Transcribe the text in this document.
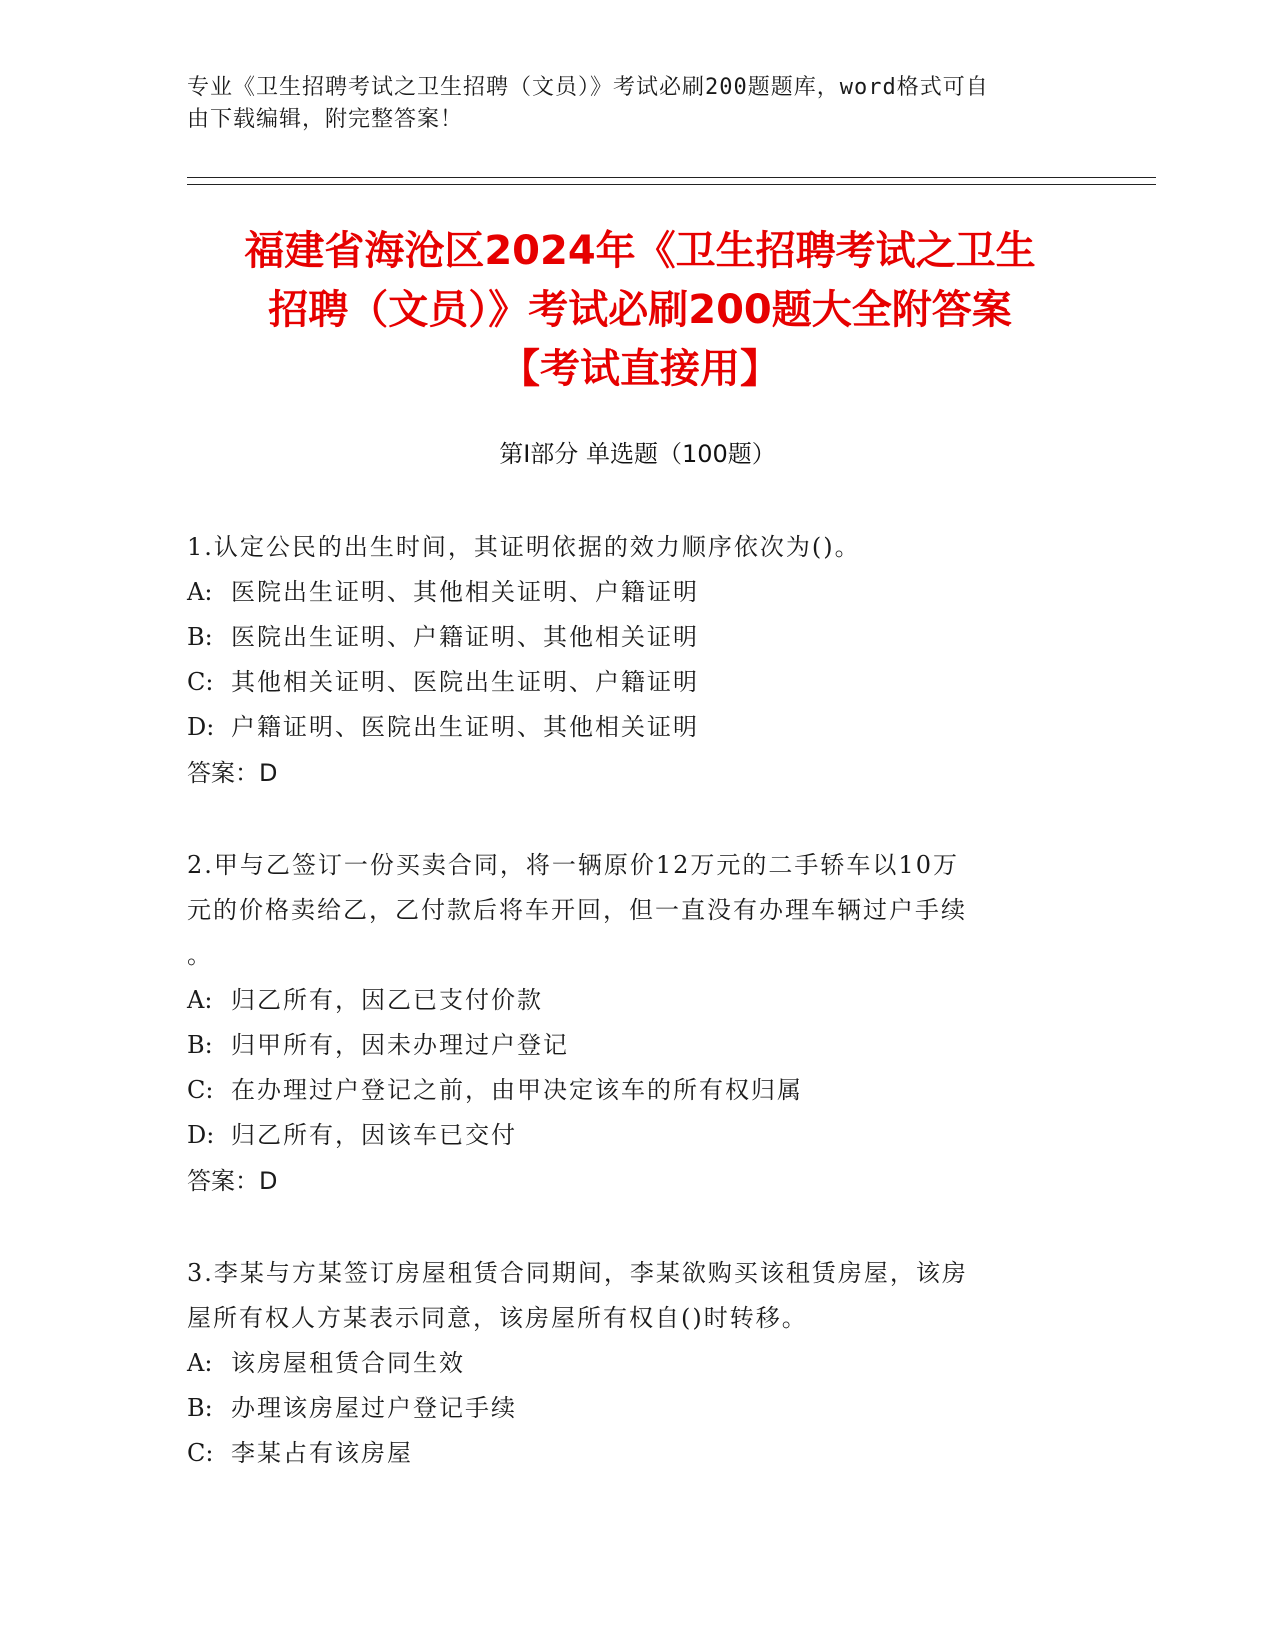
专业《卫生招聘考试之卫生招聘（文员）》考试必刷200题题库，word格式可自
由下载编辑，附完整答案！
福建省海沧区2024年《卫生招聘考试之卫生
招聘（文员）》考试必刷200题大全附答案
【考试直接用】
第I部分 单选题（100题）
1.认定公民的出生时间，其证明依据的效力顺序依次为()。
A: 医院出生证明、其他相关证明、户籍证明
B: 医院出生证明、户籍证明、其他相关证明
C: 其他相关证明、医院出生证明、户籍证明
D: 户籍证明、医院出生证明、其他相关证明
答案：D
2.甲与乙签订一份买卖合同，将一辆原价12万元的二手轿车以10万
元的价格卖给乙，乙付款后将车开回，但一直没有办理车辆过户手续
。
A: 归乙所有，因乙已支付价款
B: 归甲所有，因未办理过户登记
C: 在办理过户登记之前，由甲决定该车的所有权归属
D: 归乙所有，因该车已交付
答案：D
3.李某与方某签订房屋租赁合同期间，李某欲购买该租赁房屋，该房
屋所有权人方某表示同意，该房屋所有权自()时转移。
A: 该房屋租赁合同生效
B: 办理该房屋过户登记手续
C: 李某占有该房屋
